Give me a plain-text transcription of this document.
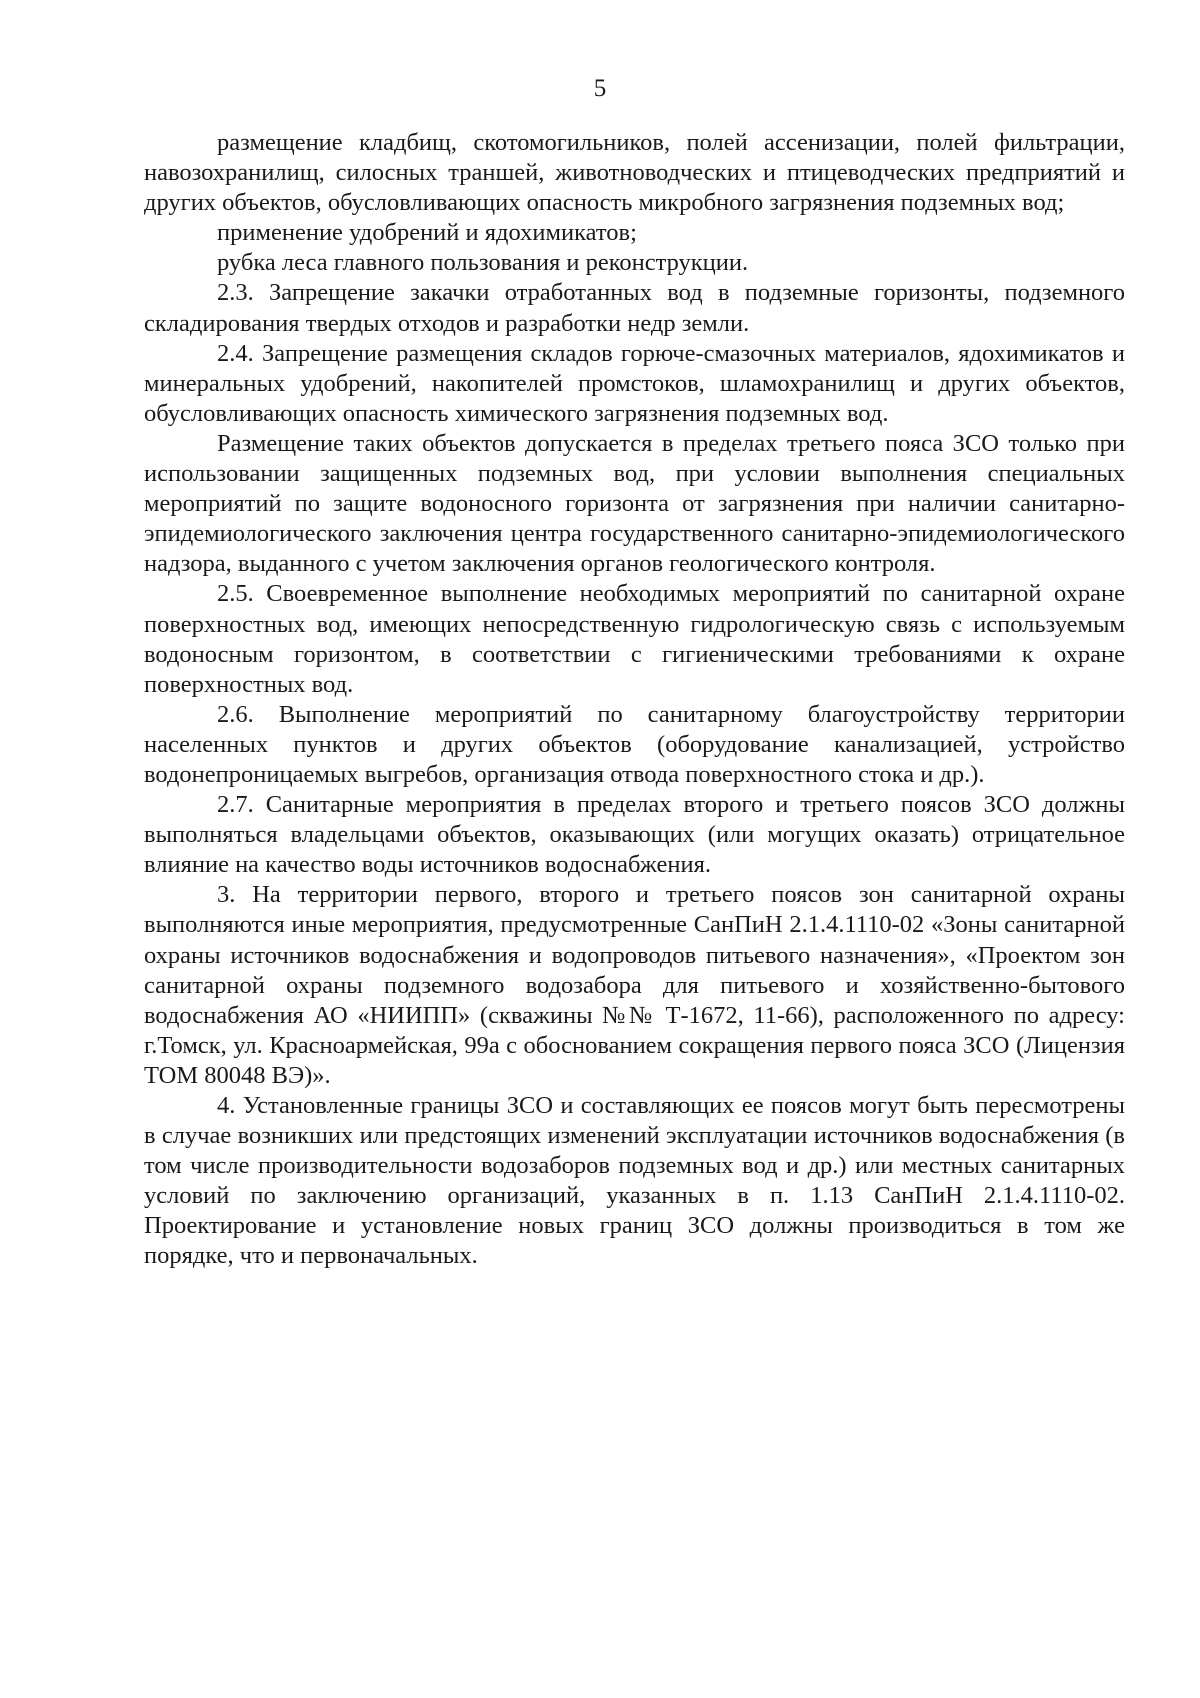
5

размещение кладбищ, скотомогильников, полей ассенизации, полей фильтрации, навозохранилищ, силосных траншей, животноводческих и птицеводческих предприятий и других объектов, обусловливающих опасность микробного загрязнения подземных вод;

применение удобрений и ядохимикатов;

рубка леса главного пользования и реконструкции.

2.3. Запрещение закачки отработанных вод в подземные горизонты, подземного складирования твердых отходов и разработки недр земли.

2.4. Запрещение размещения складов горюче-смазочных материалов, ядохимикатов и минеральных удобрений, накопителей промстоков, шламохранилищ и других объектов, обусловливающих опасность химического загрязнения подземных вод.

Размещение таких объектов допускается в пределах третьего пояса ЗСО только при использовании защищенных подземных вод, при условии выполнения специальных мероприятий по защите водоносного горизонта от загрязнения при наличии санитарно-эпидемиологического заключения центра государственного санитарно-эпидемиологического надзора, выданного с учетом заключения органов геологического контроля.

2.5. Своевременное выполнение необходимых мероприятий по санитарной охране поверхностных вод, имеющих непосредственную гидрологическую связь с используемым водоносным горизонтом, в соответствии с гигиеническими требованиями к охране поверхностных вод.

2.6. Выполнение мероприятий по санитарному благоустройству территории населенных пунктов и других объектов (оборудование канализацией, устройство водонепроницаемых выгребов, организация отвода поверхностного стока и др.).

2.7. Санитарные мероприятия в пределах второго и третьего поясов ЗСО должны выполняться владельцами объектов, оказывающих (или могущих оказать) отрицательное влияние на качество воды источников водоснабжения.

3. На территории первого, второго и третьего поясов зон санитарной охраны выполняются иные мероприятия, предусмотренные СанПиН 2.1.4.1110-02 «Зоны санитарной охраны источников водоснабжения и водопроводов питьевого назначения», «Проектом зон санитарной охраны подземного водозабора для питьевого и хозяйственно-бытового водоснабжения АО «НИИПП» (скважины №№ Т-1672, 11-66), расположенного по адресу: г.Томск, ул. Красноармейская, 99а с обоснованием сокращения первого пояса ЗСО (Лицензия ТОМ 80048 ВЭ)».

4. Установленные границы ЗСО и составляющих ее поясов могут быть пересмотрены в случае возникших или предстоящих изменений эксплуатации источников водоснабжения (в том числе производительности водозаборов подземных вод и др.) или местных санитарных условий по заключению организаций, указанных в п. 1.13 СанПиН 2.1.4.1110-02. Проектирование и установление новых границ ЗСО должны производиться в том же порядке, что и первоначальных.
